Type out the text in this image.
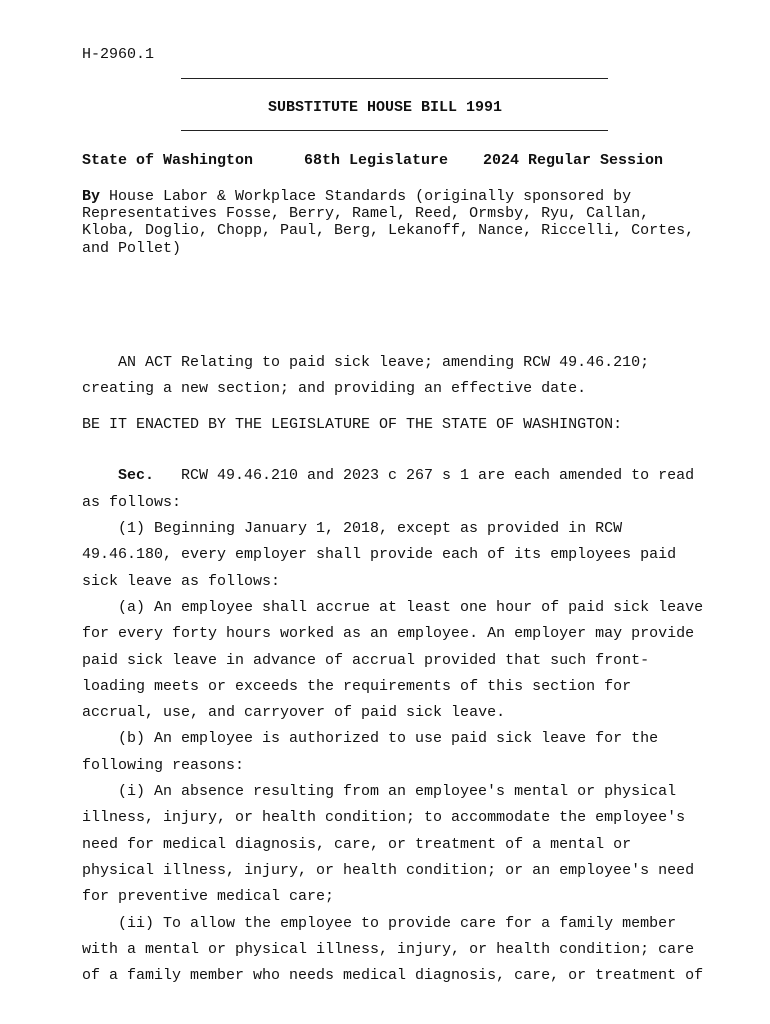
H-2960.1
SUBSTITUTE HOUSE BILL 1991
State of Washington	68th Legislature 2024 Regular Session
By House Labor & Workplace Standards (originally sponsored by
Representatives Fosse, Berry, Ramel, Reed, Ormsby, Ryu, Callan,
Kloba, Doglio, Chopp, Paul, Berg, Lekanoff, Nance, Riccelli, Cortes,
and Pollet)
AN ACT Relating to paid sick leave; amending RCW 49.46.210;
creating a new section; and providing an effective date.
BE IT ENACTED BY THE LEGISLATURE OF THE STATE OF WASHINGTON:
Sec. RCW 49.46.210 and 2023 c 267 s 1 are each amended to read
as follows:
(1) Beginning January 1, 2018, except as provided in RCW
49.46.180, every employer shall provide each of its employees paid
sick leave as follows:
(a) An employee shall accrue at least one hour of paid sick leave
for every forty hours worked as an employee. An employer may provide
paid sick leave in advance of accrual provided that such front-
loading meets or exceeds the requirements of this section for
accrual, use, and carryover of paid sick leave.
(b) An employee is authorized to use paid sick leave for the
following reasons:
(i) An absence resulting from an employee's mental or physical
illness, injury, or health condition; to accommodate the employee's
need for medical diagnosis, care, or treatment of a mental or
physical illness, injury, or health condition; or an employee's need
for preventive medical care;
(ii) To allow the employee to provide care for a family member
with a mental or physical illness, injury, or health condition; care
of a family member who needs medical diagnosis, care, or treatment of
